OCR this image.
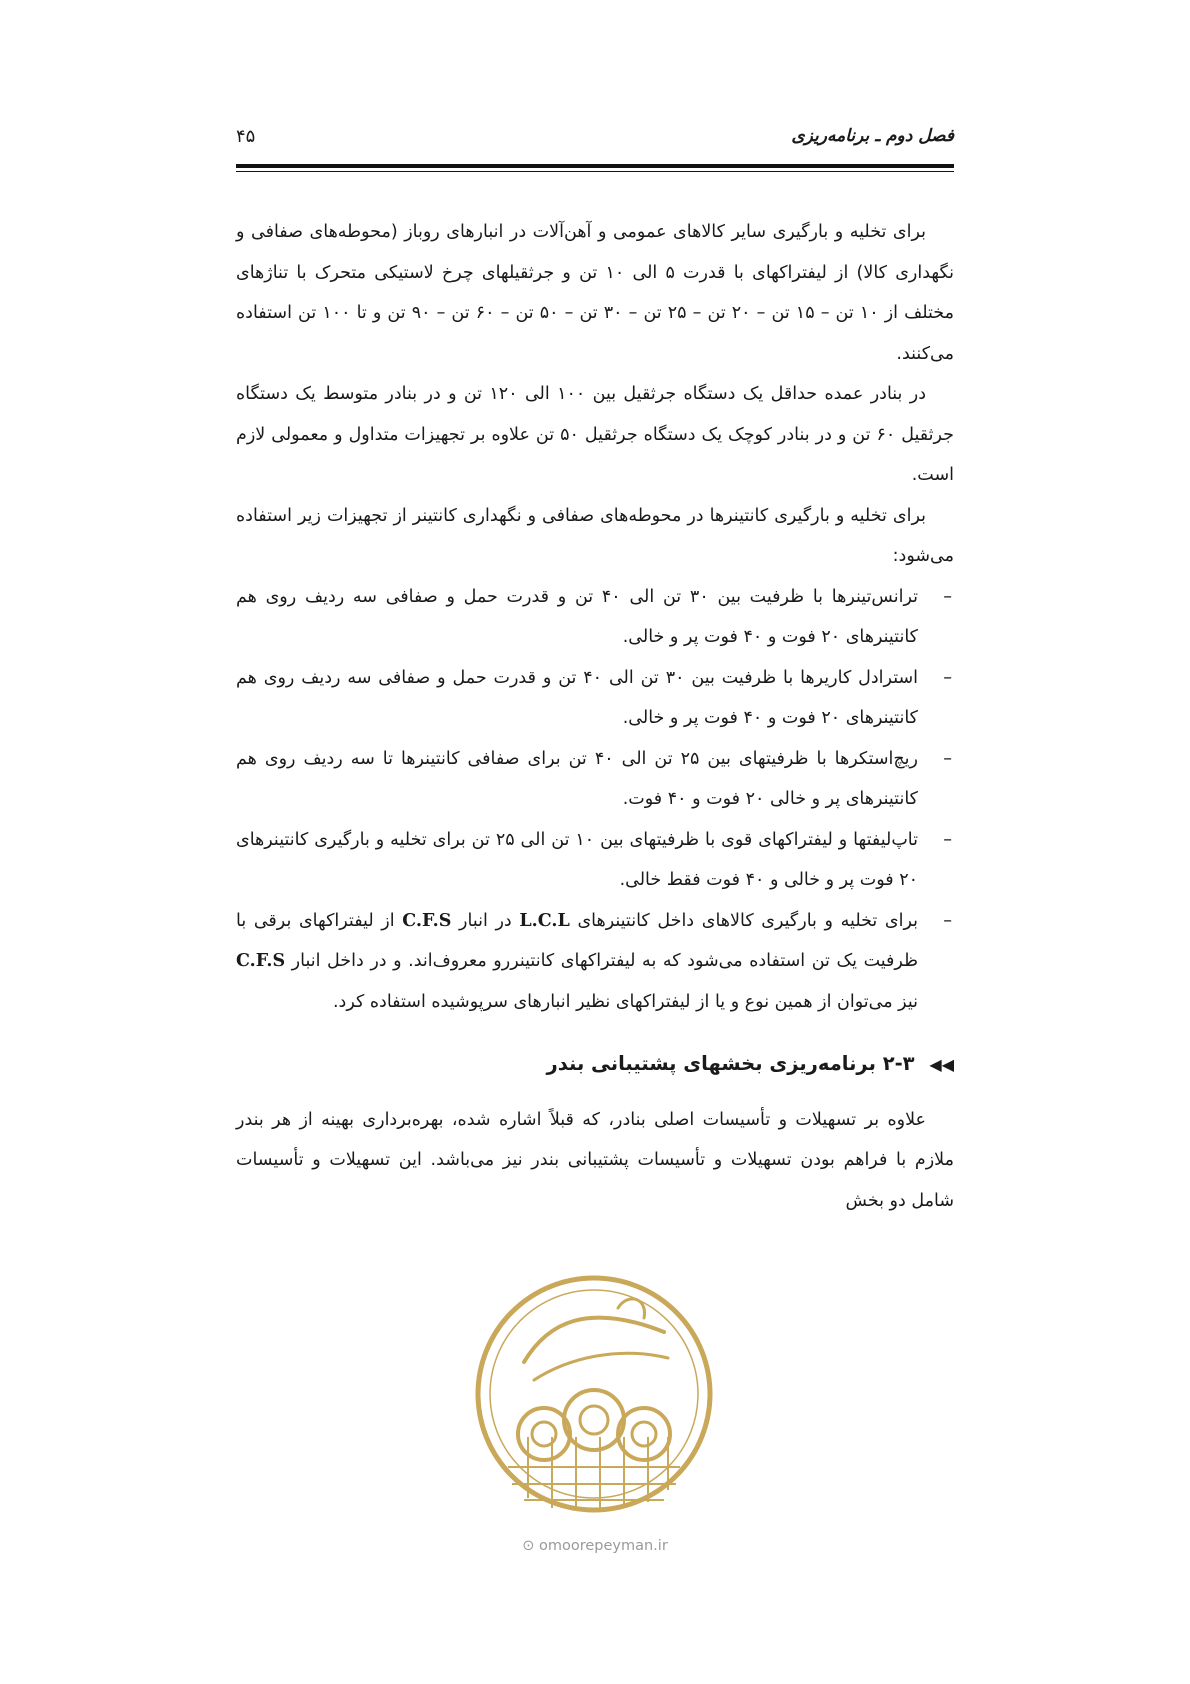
فصل دوم ـ برنامه‌ریزی
۴۵

برای تخلیه و بارگیری سایر کالاهای عمومی و آهن‌آلات در انبارهای روباز (محوطه‌های صفافی و نگهداری کالا) از لیفتراکهای با قدرت ۵ الی ۱۰ تن و جرثقیلهای چرخ لاستیکی متحرک با تناژهای مختلف از ۱۰ تن – ۱۵ تن – ۲۰ تن – ۲۵ تن – ۳۰ تن – ۵۰ تن – ۶۰ تن – ۹۰ تن و تا ۱۰۰ تن استفاده می‌کنند.

در بنادر عمده حداقل یک دستگاه جرثقیل بین ۱۰۰ الی ۱۲۰ تن و در بنادر متوسط یک دستگاه جرثقیل ۶۰ تن و در بنادر کوچک یک دستگاه جرثقیل ۵۰ تن علاوه بر تجهیزات متداول و معمولی لازم است.

برای تخلیه و بارگیری کانتینرها در محوطه‌های صفافی و نگهداری کانتینر از تجهیزات زیر استفاده می‌شود:

–
ترانس‌تینرها با ظرفیت بین ۳۰ تن الی ۴۰ تن و قدرت حمل و صفافی سه ردیف روی هم کانتینرهای ۲۰ فوت و ۴۰ فوت پر و خالی.
–
استرادل کاریرها با ظرفیت بین ۳۰ تن الی ۴۰ تن و قدرت حمل و صفافی سه ردیف روی هم کانتینرهای ۲۰ فوت و ۴۰ فوت پر و خالی.
–
ریچ‌استکرها با ظرفیتهای بین ۲۵ تن الی ۴۰ تن برای صفافی کانتینرها تا سه ردیف روی هم کانتینرهای پر و خالی ۲۰ فوت و ۴۰ فوت.
–
تاپ‌لیفتها و لیفتراکهای قوی با ظرفیتهای بین ۱۰ تن الی ۲۵ تن برای تخلیه و بارگیری کانتینرهای ۲۰ فوت پر و خالی و ۴۰ فوت فقط خالی.
–
برای تخلیه و بارگیری کالاهای داخل کانتینرهای L.C.L در انبار C.F.S از لیفتراکهای برقی با ظرفیت یک تن استفاده می‌شود که به لیفتراکهای کانتینررو معروف‌اند. و در داخل انبار C.F.S نیز می‌توان از همین نوع و یا از لیفتراکهای نظیر انبارهای سرپوشیده استفاده کرد.
◀◀ ۲-۳ برنامه‌ریزی بخشهای پشتیبانی بندر

علاوه بر تسهیلات و تأسیسات اصلی بنادر، که قبلاً اشاره شده، بهره‌برداری بهینه از هر بندر ملازم با فراهم بودن تسهیلات و تأسیسات پشتیبانی بندر نیز می‌باشد. این تسهیلات و تأسیسات شامل دو بخش

⊙ omoorepeyman.ir
